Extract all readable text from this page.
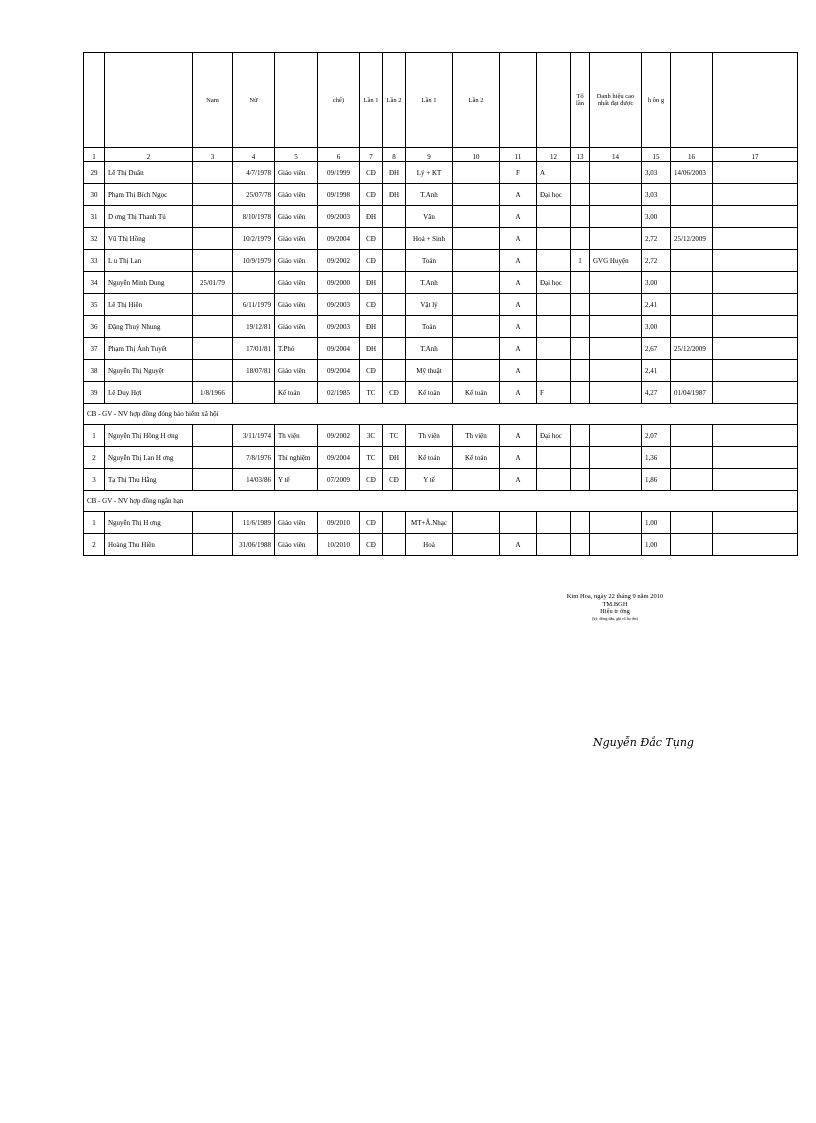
		Nam	Nữ		chế)	Lần 1	Lần 2	Lần 1	Lần 2			Tổ lần	Danh hiệu cao nhất đạt được	h ồn g		
1	2	3	4	5	6	7	8	9	10	11	12	13	14	15	16	17
29	Lê Thị Duân		4/7/1978	Giáo viên	09/1999	CĐ	ĐH	Lý + KT		F	A			3,03	14/06/2003	
30	Phạm Thị Bích Ngọc		25/07/78	Giáo viên	09/1998	CĐ	ĐH	T.Anh		A	Đại học			3,03		
31	D ơng Thị Thanh Tú		8/10/1978	Giáo viên	09/2003	ĐH		Văn		A				3,00		
32	Vũ Thị Hồng		10/2/1979	Giáo viên	09/2004	CĐ		Hoá + Sinh		A				2,72	25/12/2009	
33	L u Thị Lan		10/9/1979	Giáo viên	09/2002	CĐ		Toán		A		1	GVG Huyện	2,72		
34	Nguyễn Minh Dung	25/01/79		Giáo viên	09/2000	ĐH		T.Anh		A	Đại học			3,00		
35	Lê Thị Hiên		6/11/1979	Giáo viên	09/2003	CĐ		Vật lý		A				2,41		
36	Đặng Thuỳ Nhung		19/12/81	Giáo viên	09/2003	ĐH		Toán		A				3,00		
37	Phạm Thị Ánh Tuyết		17/01/81	T.Phó	09/2004	ĐH		T.Anh		A				2,67	25/12/2009	
38	Nguyễn Thị Nguyệt		18/07/81	Giáo viên	09/2004	CĐ		Mỹ thuật		A				2,41		
39	Lê Duy Hợi	1/8/1966		Kế toán	02/1985	TC	CĐ	Kế toán	Kế toán	A	F			4,27	01/04/1987	
CB - GV - NV hợp đồng đóng bảo hiểm xã hội																
1	Nguyễn Thị Hồng H ơng		3/11/1974	Th viện	09/2002	3C	TC	Th viện	Th viện	A	Đại học			2,07		
2	Nguyễn Thị Lan H ơng		7/8/1976	Thí nghiệm	09/2004	TC	ĐH	Kế toán	Kế toán	A				1,36		
3	Tạ Thị Thu Hằng		14/03/86	Y tế	07/2009	CĐ	CĐ	Y tế		A				1,86		
CB - GV - NV hợp đồng ngắn hạn																
1	Nguyễn Thị H ơng		11/6/1989	Giáo viên	09/2010	CĐ		MT+Â.Nhạc						1,00		
2	Hoàng Thu Hiền		31/06/1988	Giáo viên	10/2010	CĐ		Hoá		A				1,00		
Kim Hoa, ngày 22 tháng 9 năm 2010
TM.BGH
Hiệu tr ởng
(ký, đóng dấu, ghi rõ họ tên)
Nguyễn Đắc Tụng
